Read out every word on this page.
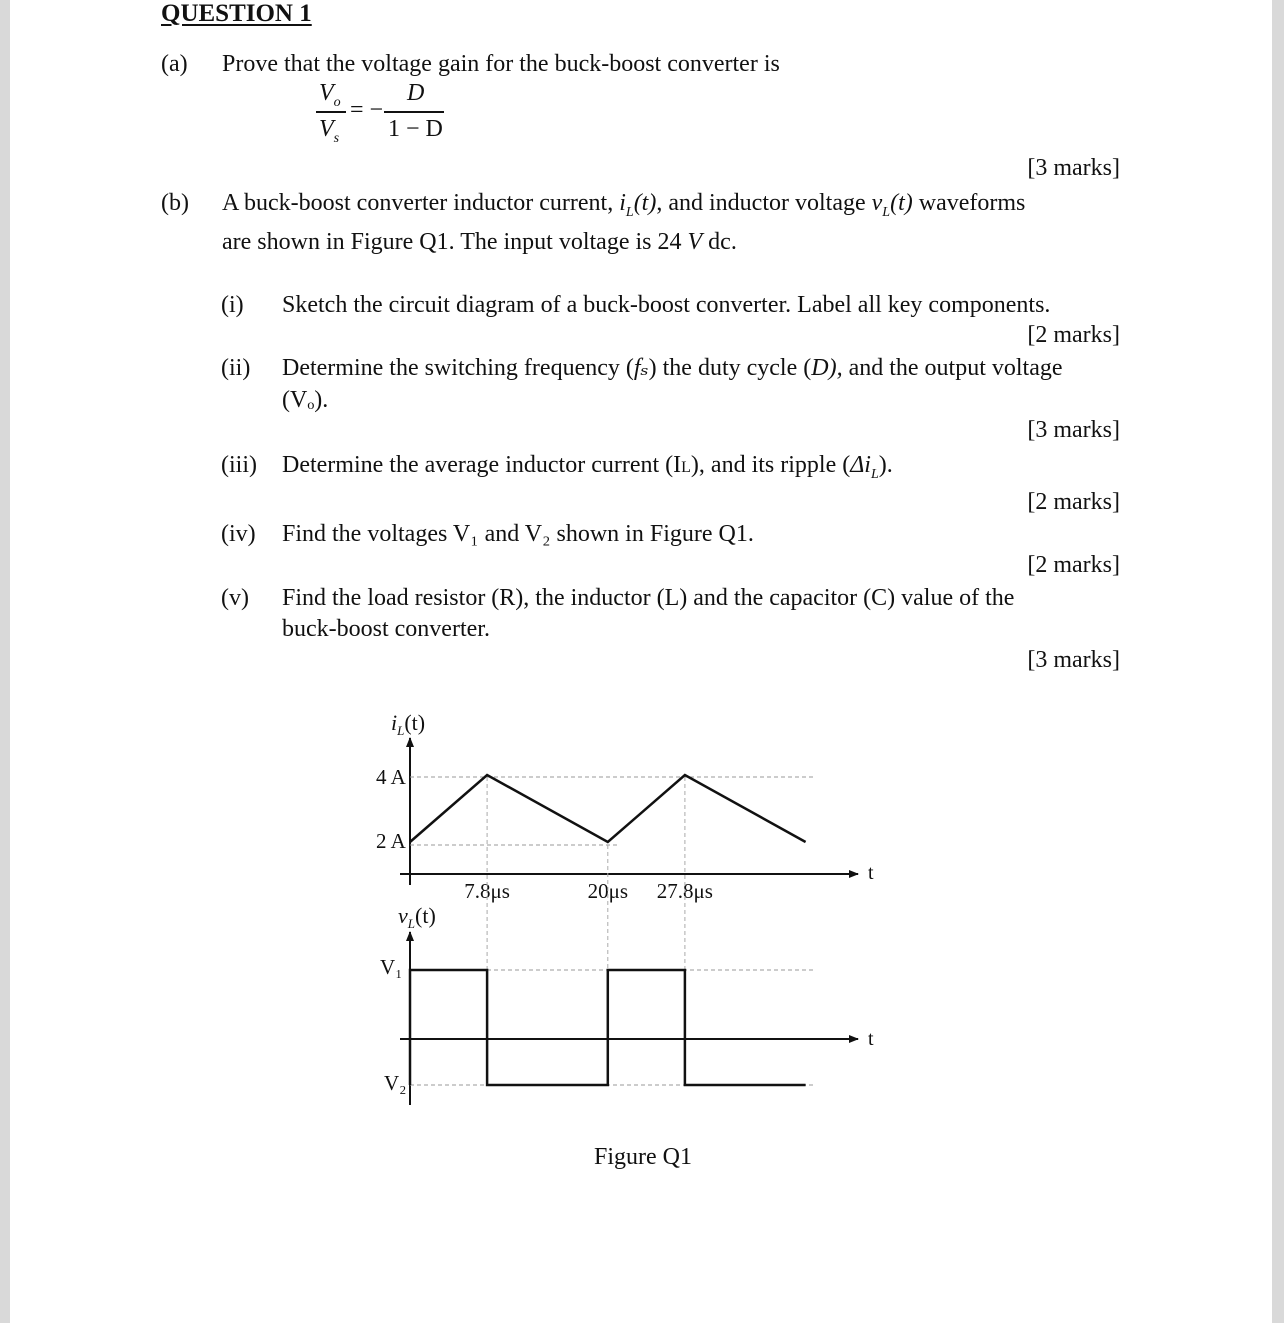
QUESTION 1
(a) Prove that the voltage gain for the buck-boost converter is
$V_o$
$V_s$
= −
D
1 − D
[3 marks]
(b) A buck-boost converter inductor current, $i_L(t)$, and inductor voltage $v_L(t)$ waveforms
are shown in Figure Q1. The input voltage is 24 V dc.
(i) Sketch the circuit diagram of a buck-boost converter. Label all key components.
[2 marks]
(ii) Determine the switching frequency (fₛ) the duty cycle (D), and the output voltage
(Vₒ).
[3 marks]
(iii) Determine the average inductor current (IL), and its ripple $(\Delta i_L)$.
[2 marks]
(iv) Find the voltages V₁ and V₂ shown in Figure Q1.
[2 marks]
(v) Find the load resistor (R), the inductor (L) and the capacitor (C) value of the
buck-boost converter.
[3 marks]
$i_L(t)$
t
4 A
2 A
7.8μs	20μs 27.8μs
$v_L(t)$
t
V₁
V₂
Figure Q1
